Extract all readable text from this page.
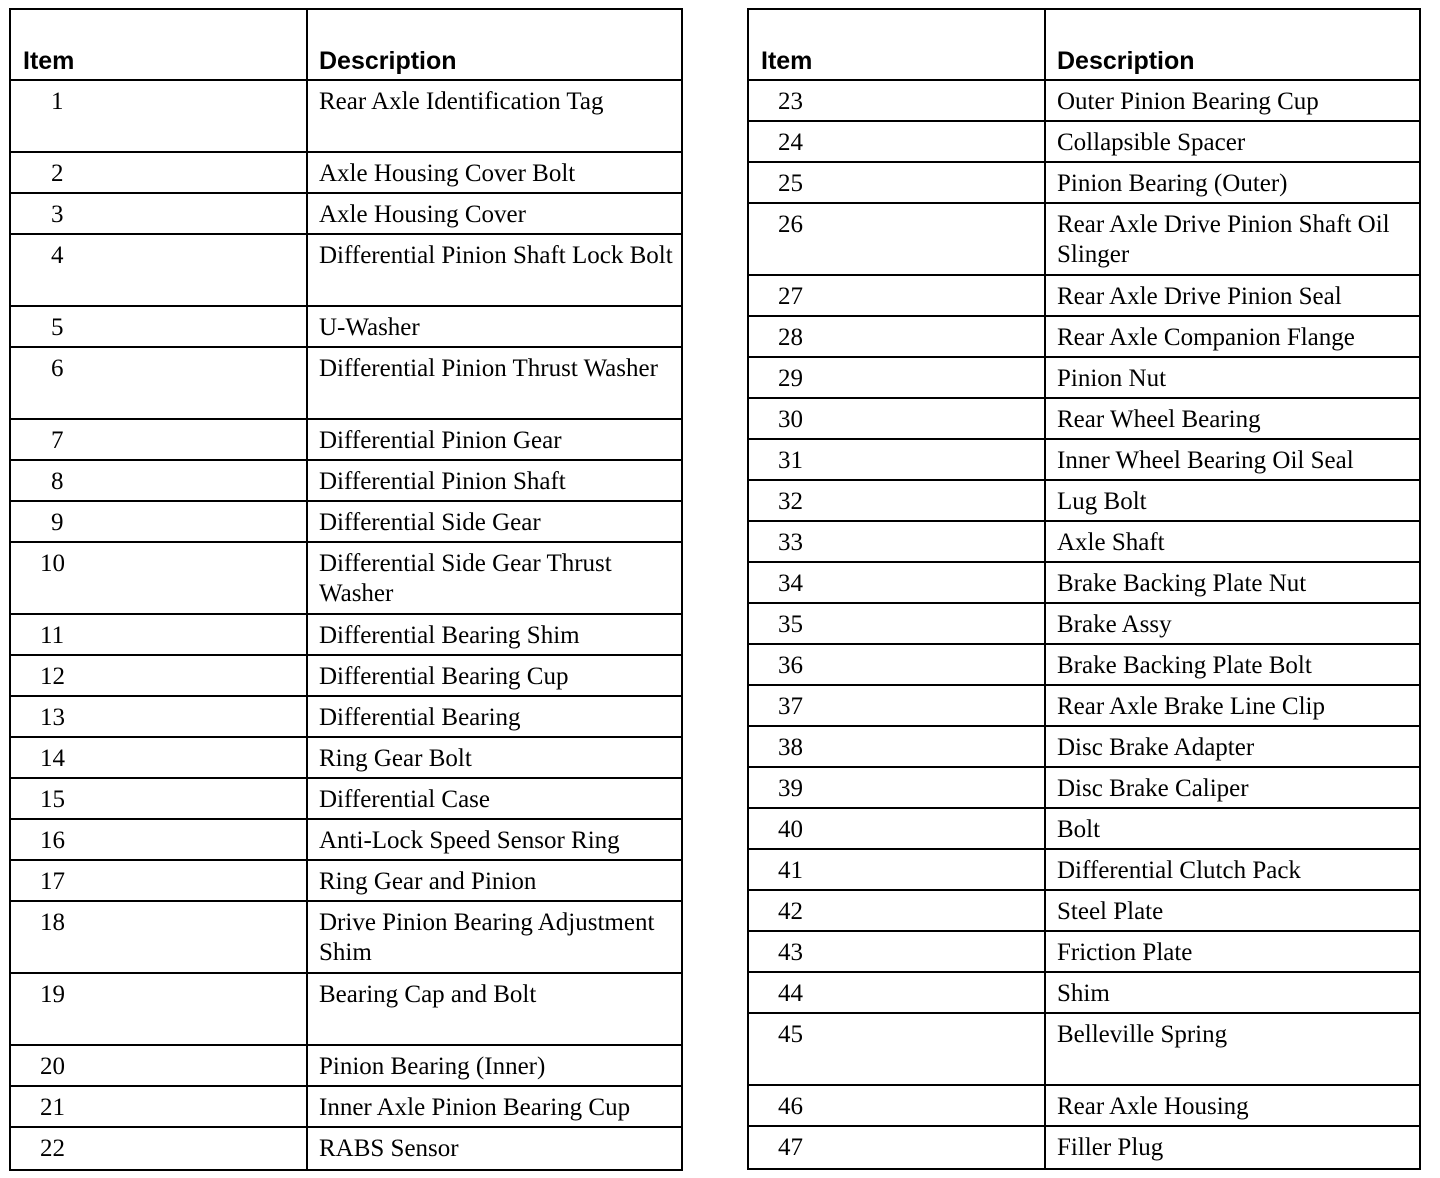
Item	Description
1	Rear Axle Identification Tag
2	Axle Housing Cover Bolt
3	Axle Housing Cover
4	Differential Pinion Shaft Lock Bolt
5	U-Washer
6	Differential Pinion Thrust Washer
7	Differential Pinion Gear
8	Differential Pinion Shaft
9	Differential Side Gear
10	Differential Side Gear Thrust Washer
11	Differential Bearing Shim
12	Differential Bearing Cup
13	Differential Bearing
14	Ring Gear Bolt
15	Differential Case
16	Anti-Lock Speed Sensor Ring
17	Ring Gear and Pinion
18	Drive Pinion Bearing Adjustment Shim
19	Bearing Cap and Bolt
20	Pinion Bearing (Inner)
21	Inner Axle Pinion Bearing Cup
22	RABS Sensor
Item	Description
23	Outer Pinion Bearing Cup
24	Collapsible Spacer
25	Pinion Bearing (Outer)
26	Rear Axle Drive Pinion Shaft Oil Slinger
27	Rear Axle Drive Pinion Seal
28	Rear Axle Companion Flange
29	Pinion Nut
30	Rear Wheel Bearing
31	Inner Wheel Bearing Oil Seal
32	Lug Bolt
33	Axle Shaft
34	Brake Backing Plate Nut
35	Brake Assy
36	Brake Backing Plate Bolt
37	Rear Axle Brake Line Clip
38	Disc Brake Adapter
39	Disc Brake Caliper
40	Bolt
41	Differential Clutch Pack
42	Steel Plate
43	Friction Plate
44	Shim
45	Belleville Spring
46	Rear Axle Housing
47	Filler Plug
